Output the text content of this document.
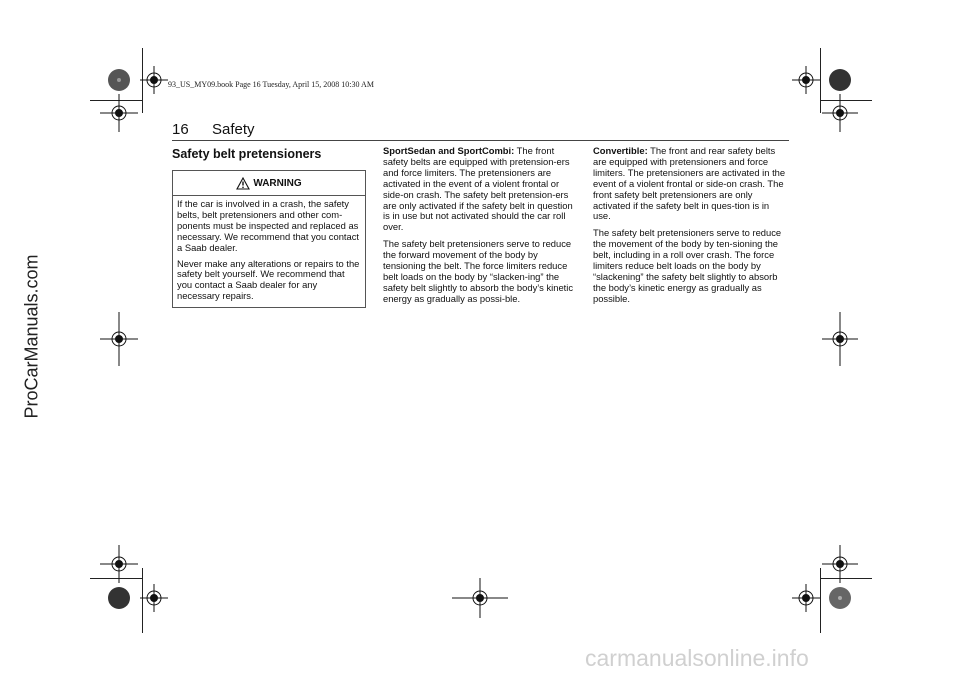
93_US_MY09.book Page 16 Tuesday, April 15, 2008 10:30 AM
16 Safety
Safety belt pretensioners
WARNING

If the car is involved in a crash, the safety belts, belt pretensioners and other com-ponents must be inspected and replaced as necessary. We recommend that you contact a Saab dealer.

Never make any alterations or repairs to the safety belt yourself. We recommend that you contact a Saab dealer for any necessary repairs.

SportSedan and SportCombi: The front safety belts are equipped with pretension-ers and force limiters. The pretensioners are activated in the event of a violent frontal or side-on crash. The safety belt pretension-ers are only activated if the safety belt in question is in use but not activated should the car roll over.

The safety belt pretensioners serve to reduce the forward movement of the body by tensioning the belt. The force limiters reduce belt loads on the body by “slacken-ing” the safety belt slightly to absorb the body’s kinetic energy as gradually as possi-ble.

Convertible: The front and rear safety belts are equipped with pretensioners and force limiters. The pretensioners are activated in the event of a violent frontal or side-on crash. The front safety belt pretensioners are only activated if the safety belt in ques-tion is in use.

The safety belt pretensioners serve to reduce the movement of the body by ten-sioning the belt, including in a roll over crash. The force limiters reduce belt loads on the body by “slackening” the safety belt slightly to absorb the body’s kinetic energy as gradually as possible.

ProCarManuals.com
carmanualsonline.info
